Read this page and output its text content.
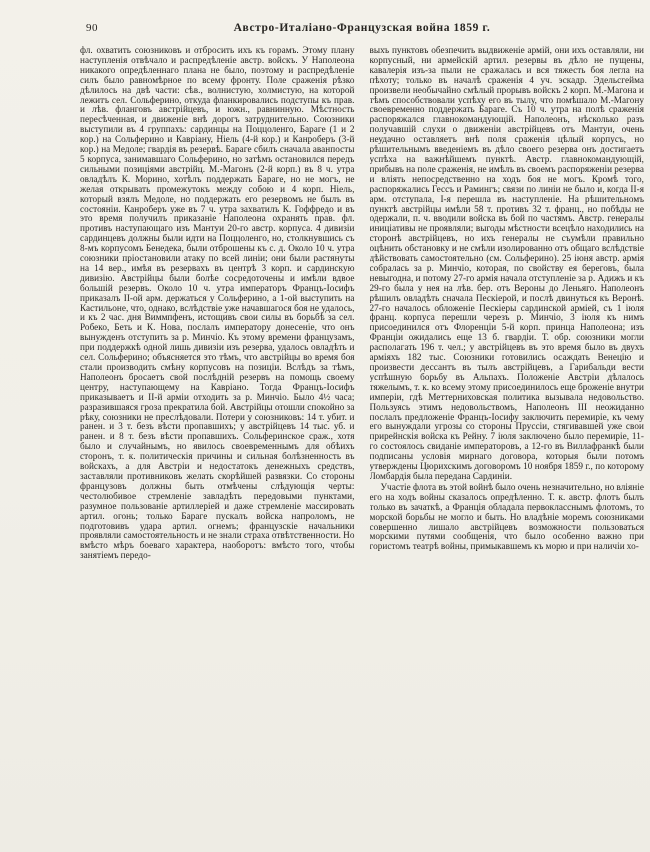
90	Австро-Италіано-Французская война 1859 г.

фл. охватить союзниковъ и отбросить ихъ къ горамъ. Этому плану наступленія отвѣчало и распредѣленіе австр. войскъ. У Наполеона никакого опредѣленнаго плана не было, поэтому и распредѣленіе силъ было равномѣрное по всему фронту. Поле сраженія рѣзко дѣлилось на двѣ части: сѣв., волнистую, холмистую, на которой лежитъ сел. Сольферино, откуда фланкировались подступы къ прав. и лѣв. фланговъ австрійцевъ, и южн., равнинную. Мѣстность пересѣченная, и движеніе внѣ дорогъ затруднительно. Союзники выступили въ 4 группахъ: сардинцы на Поццоленго, Бараге (1 и 2 кор.) на Сольферино и Кавріану, Ніель (4-й кор.) и Канроберъ (3-й кор.) на Медоле; гвардія въ резервѣ. Бараге сбилъ сначала аванпосты 5 корпуса, занимавшаго Сольферино, но затѣмъ остановился передъ сильными позиціями австрійц. М.-Магонъ (2-й корп.) въ 8 ч. утра овладѣлъ К. Морино, хотѣлъ поддержать Бараге, но не могъ, не желая открывать промежутокъ между собою и 4 корп. Ніель, который взялъ Медоле, но поддержать его резервомъ не былъ въ состояніи. Канроберъ уже въ 7 ч. утра захватилъ К. Гоффредо и въ это время получилъ приказаніе Наполеона охранять прав. фл. противъ наступающаго изъ Мантуи 20-го австр. корпуса. 4 дивизіи сардинцевъ должны были идти на Поццоленго, но, столкнувшись съ 8-мъ корпусомъ Бенедека, были отброшены къ с. д. Около 10 ч. утра союзники пріостановили атаку по всей линіи; они были растянуты на 14 вер., имѣя въ резервахъ въ центрѣ 3 корп. и сардинскую дивизію. Австрійцы были болѣе сосредоточены и имѣли вдвое большій резервъ. Около 10 ч. утра императоръ Францъ-Іосифъ приказалъ II-ой арм. держаться у Сольферино, а 1-ой выступить на Кастильоне, что, однако, вслѣдствіе уже начавшагося боя не удалось, и къ 2 час. дня Виммпфенъ, истощивъ свои силы въ борьбѣ за сел. Робеко, Беть и К. Нова, послалъ императору донесеніе, что онъ вынужденъ отступить за р. Минчіо. Къ этому времени французамъ, при поддержкѣ одной лишь дивизіи изъ резерва, удалось овладѣть и сел. Сольферино; объясняется это тѣмъ, что австрійцы во время боя стали производить смѣну корпусовъ на позиціи. Вслѣдъ за тѣмъ, Наполеонъ бросаетъ свой послѣдній резервъ на помощь своему центру, наступающему на Кавріано. Тогда Францъ-Іосифъ приказываетъ и II-й арміи отходить за р. Минчіо. Было 4½ часа; разразившаяся гроза прекратила бой. Австрійцы отошли спокойно за рѣку, союзники не преслѣдовали. Потери у союзниковъ: 14 т. убит. и ранен. и 3 т. безъ вѣсти пропавшихъ; у австрійцевъ 14 тыс. уб. и ранен. и 8 т. безъ вѣсти пропавшихъ. Сольферинское сраж., хотя было и случайнымъ, но явилось своевременнымъ для обѣихъ сторонъ, т. к. политическія причины и сильная болѣзненность въ войскахъ, а для Австріи и недостатокъ денежныхъ средствъ, заставляли противниковъ желать скорѣйшей развязки. Со стороны французовъ должны быть отмѣчены слѣдующія черты: честолюбивое стремленіе завладѣть передовыми пунктами, разумное пользованіе артиллеріей и даже стремленіе массировать артил. огонь; только Бараге пускалъ войска напроломъ, не подготовивъ удара артил. огнемъ; французскіе начальники проявляли самостоятельность и не знали страха отвѣтственности. Но вмѣсто мѣръ боеваго характера, наоборотъ: вмѣсто того, чтобы занятіемъ передо-

выхъ пунктовъ обезпечить выдвиженіе армій, они ихъ оставляли, ни корпусный, ни армейскій артил. резервы въ дѣло не пущены, кавалерія изъ-за пыли не сражалась и вся тяжесть боя легла на пѣхоту; только въ началѣ сраженія 4 уч. эскадр. Эдельсгейма произвели необычайно смѣлый прорывъ войскъ 2 корп. М.-Магона и тѣмъ способствовали успѣху его въ тылу, что помѣшало М.-Магону своевременно поддержать Бараге. Съ 10 ч. утра на полѣ сраженія распоряжался главнокомандующій. Наполеонъ, нѣсколько разъ получавшій слухи о движеніи австрійцевъ отъ Мантуи, очень неудачно оставляетъ внѣ поля сраженія цѣлый корпусъ, но рѣшительнымъ введеніемъ въ дѣло своего резерва онъ достигаетъ успѣха на важнѣйшемъ пунктѣ. Австр. главнокомандующій, прибывъ на поле сраженія, не имѣлъ въ своемъ распоряженіи резерва и вліять непосредственно на ходъ боя не могъ. Кромѣ того, распоряжались Гессъ и Рамингъ; связи по линіи не было и, когда II-я арм. отступала, I-я перешла въ наступленіе. На рѣшительномъ пунктѣ австрійцы имѣли 58 т. противъ 32 т. франц., но побѣды не одержали, п. ч. вводили войска въ бой по частямъ. Австр. генералы иниціативы не проявляли; выгоды мѣстности всецѣло находились на сторонѣ австрійцевъ, но ихъ генералы не съумѣли правильно оцѣнить обстановку и не смѣли изолированно отъ общаго вслѣдствіе дѣйствовать самостоятельно (см. Сольферино). 25 іюня австр. армія собралась за р. Минчіо, которая, по свойству ея береговъ, была невыгодна, и потому 27-го армія начала отступленіе за р. Адижъ и къ 29-го была у нея на лѣв. бер. отъ Вероны до Леньяго. Наполеонъ рѣшилъ овладѣть сначала Пескіерой, и послѣ двинуться къ Веронѣ. 27-го началось обложеніе Пескіеры сардинской арміей, съ 1 іюля франц. корпуса перешли черезъ р. Минчіо, 3 іюля къ нимъ присоединился отъ Флоренціи 5-й корп. принца Наполеона; изъ Франціи ожидались еще 13 б. гвардіи. Т. обр. союзники могли располагать 196 т. чел.; у австрійцевъ въ это время было въ двухъ арміяхъ 182 тыс. Союзники готовились осаждать Венецію и произвести дессантъ въ тылъ австрійцевъ, а Гарибальди вести успѣшную борьбу въ Альпахъ. Положеніе Австріи дѣлалось тяжелымъ, т. к. ко всему этому присоединилось еще броженіе внутри имперіи, гдѣ Меттерниховская политика вызывала недовольство. Пользуясь этимъ недовольствомъ, Наполеонъ III неожиданно послалъ предложеніе Францъ-Іосифу заключить перемиріе, къ чему его вынуждали угрозы со стороны Пруссіи, стягивавшей уже свои прирейнскія войска къ Рейну. 7 іюля заключено было перемиріе, 11-го состоялось свиданіе императоровъ, а 12-го въ Виллафранкѣ были подписаны условія мирнаго договора, которыя были потомъ утверждены Цюрихскимъ договоромъ 10 ноября 1859 г., по которому Ломбардія была передана Сардиніи.

Участіе флота въ этой войнѣ было очень незначительно, но вліяніе его на ходъ войны сказалось опредѣленно. Т. к. австр. флотъ былъ только въ зачаткѣ, а Франція обладала первокласснымъ флотомъ, то морской борьбы не могло и быть. Но владѣніе моремъ союзниками совершенно лишало австрійцевъ возможности пользоваться морскими путями сообщенія, что было особенно важно при гористомъ театрѣ войны, примыкавшемъ къ морю и при наличіи хо-
